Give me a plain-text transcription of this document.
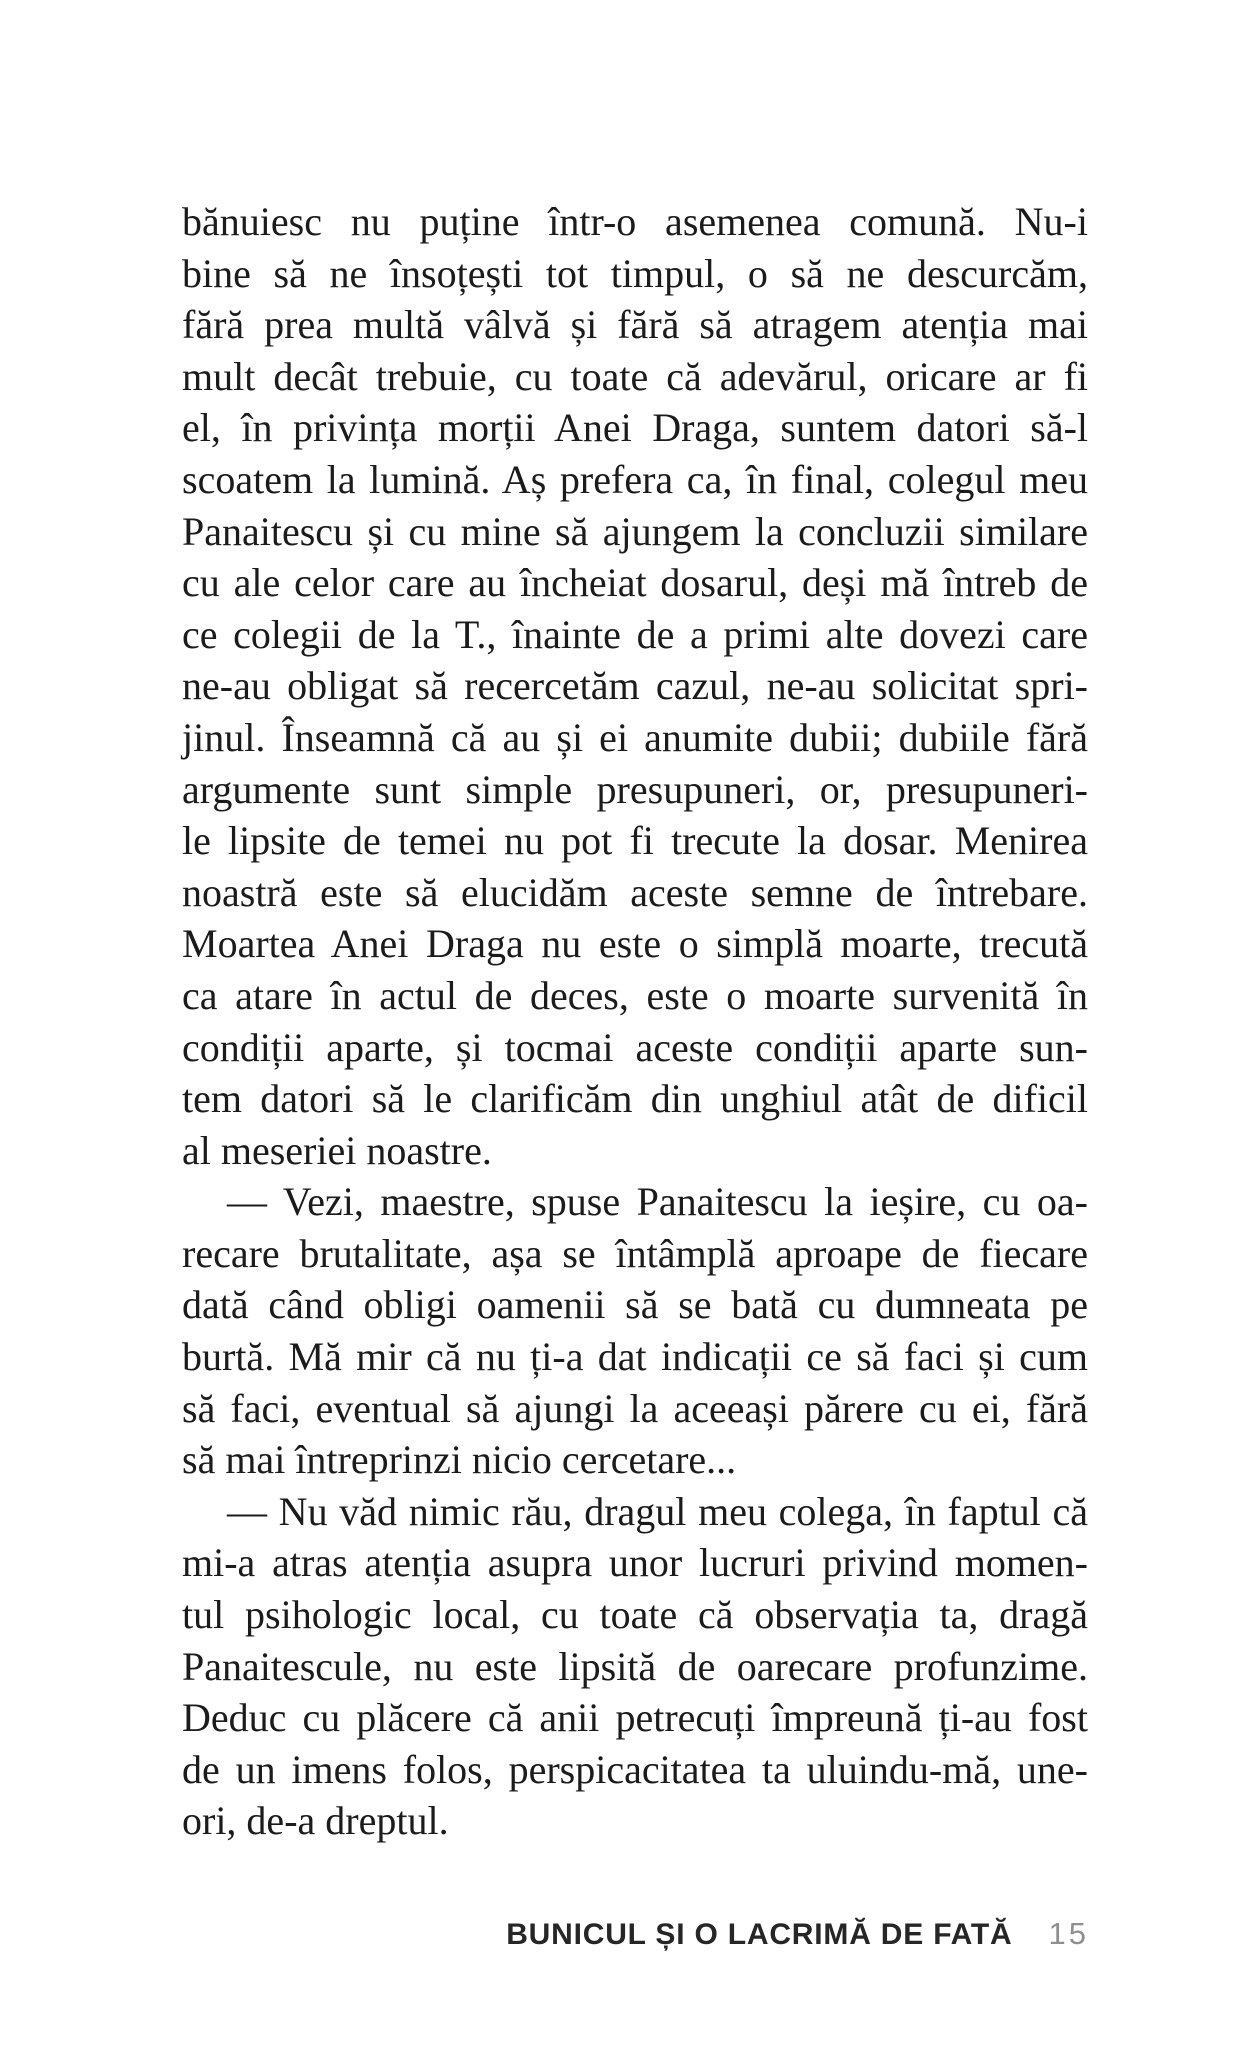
bănuiesc nu puține într-o asemenea comună. Nu-i
bine să ne însoțești tot timpul, o să ne descurcăm,
fără prea multă vâlvă și fără să atragem atenția mai
mult decât trebuie, cu toate că adevărul, oricare ar fi
el, în privința morții Anei Draga, suntem datori să-l
scoatem la lumină. Aș prefera ca, în final, colegul meu
Panaitescu și cu mine să ajungem la concluzii similare
cu ale celor care au încheiat dosarul, deși mă întreb de
ce colegii de la T., înainte de a primi alte dovezi care
ne-au obligat să recercetăm cazul, ne-au solicitat spri-
jinul. Înseamnă că au și ei anumite dubii; dubiile fără
argumente sunt simple presupuneri, or, presupuneri-
le lipsite de temei nu pot fi trecute la dosar. Menirea
noastră este să elucidăm aceste semne de întrebare.
Moartea Anei Draga nu este o simplă moarte, trecută
ca atare în actul de deces, este o moarte survenită în
condiții aparte, și tocmai aceste condiții aparte sun-
tem datori să le clarificăm din unghiul atât de dificil
al meseriei noastre.
— Vezi, maestre, spuse Panaitescu la ieșire, cu oa-
recare brutalitate, așa se întâmplă aproape de fiecare
dată când obligi oamenii să se bată cu dumneata pe
burtă. Mă mir că nu ți-a dat indicații ce să faci și cum
să faci, eventual să ajungi la aceeași părere cu ei, fără
să mai întreprinzi nicio cercetare...
— Nu văd nimic rău, dragul meu colega, în faptul că
mi-a atras atenția asupra unor lucruri privind momen-
tul psihologic local, cu toate că observația ta, dragă
Panaitescule, nu este lipsită de oarecare profunzime.
Deduc cu plăcere că anii petrecuți împreună ți-au fost
de un imens folos, perspicacitatea ta uluindu-mă, une-
ori, de-a dreptul.
BUNICUL ȘI O LACRIMĂ DE FATĂ 15
